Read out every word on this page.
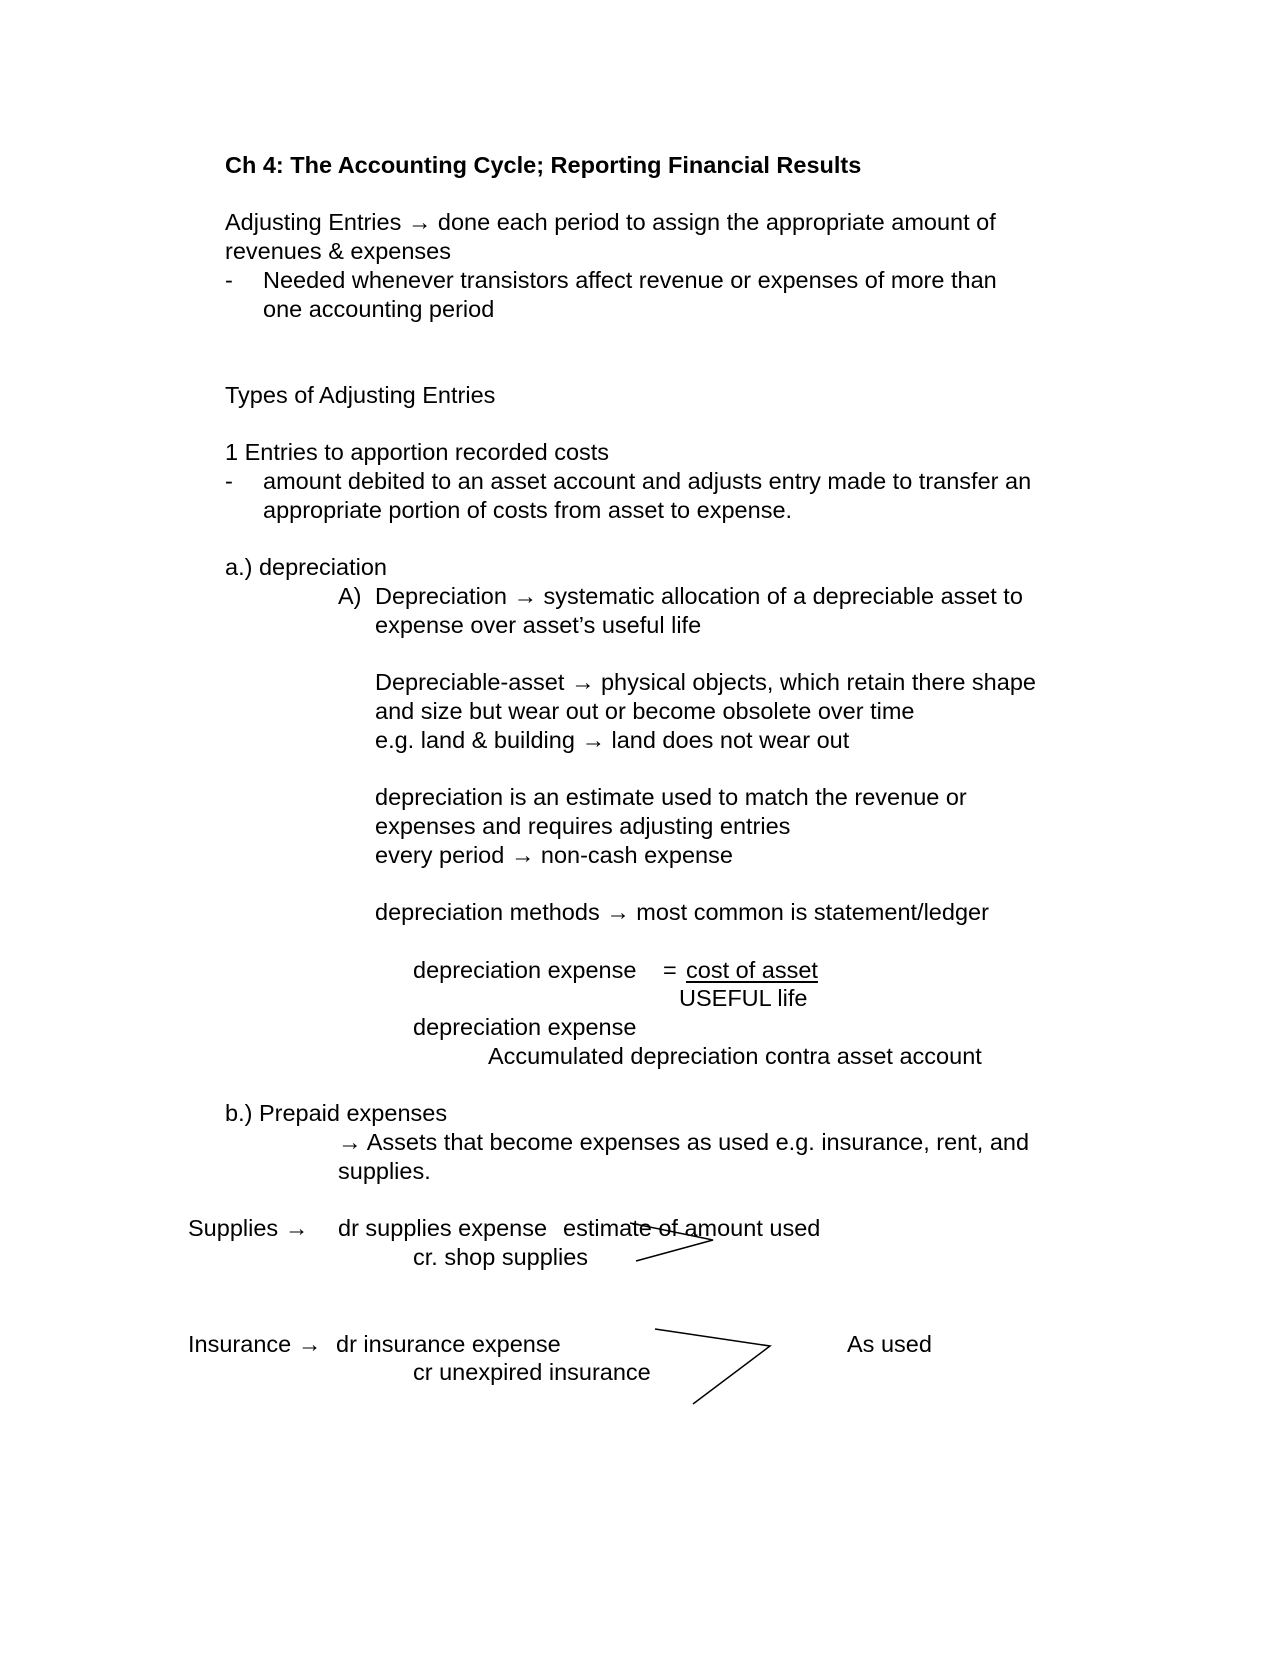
Ch 4: The Accounting Cycle; Reporting Financial Results
Adjusting Entries → done each period to assign the appropriate amount of
revenues & expenses
- Needed whenever transistors affect revenue or expenses of more than
one accounting period
Types of Adjusting Entries
1 Entries to apportion recorded costs
- amount debited to an asset account and adjusts entry made to transfer an
appropriate portion of costs from asset to expense.
a.) depreciation
A) Depreciation → systematic allocation of a depreciable asset to
expense over asset’s useful life
Depreciable-asset → physical objects, which retain there shape
and size but wear out or become obsolete over time
e.g. land & building → land does not wear out
depreciation is an estimate used to match the revenue or
expenses and requires adjusting entries
every period → non-cash expense
depreciation methods → most common is statement/ledger
depreciation expense = cost of asset
USEFUL life
depreciation expense
Accumulated depreciation contra asset account
b.) Prepaid expenses
→ Assets that become expenses as used e.g. insurance, rent, and
supplies.
Supplies → dr supplies expense estimate of amount used
cr. shop supplies
Insurance → dr insurance expense
cr unexpired insurance
As used
